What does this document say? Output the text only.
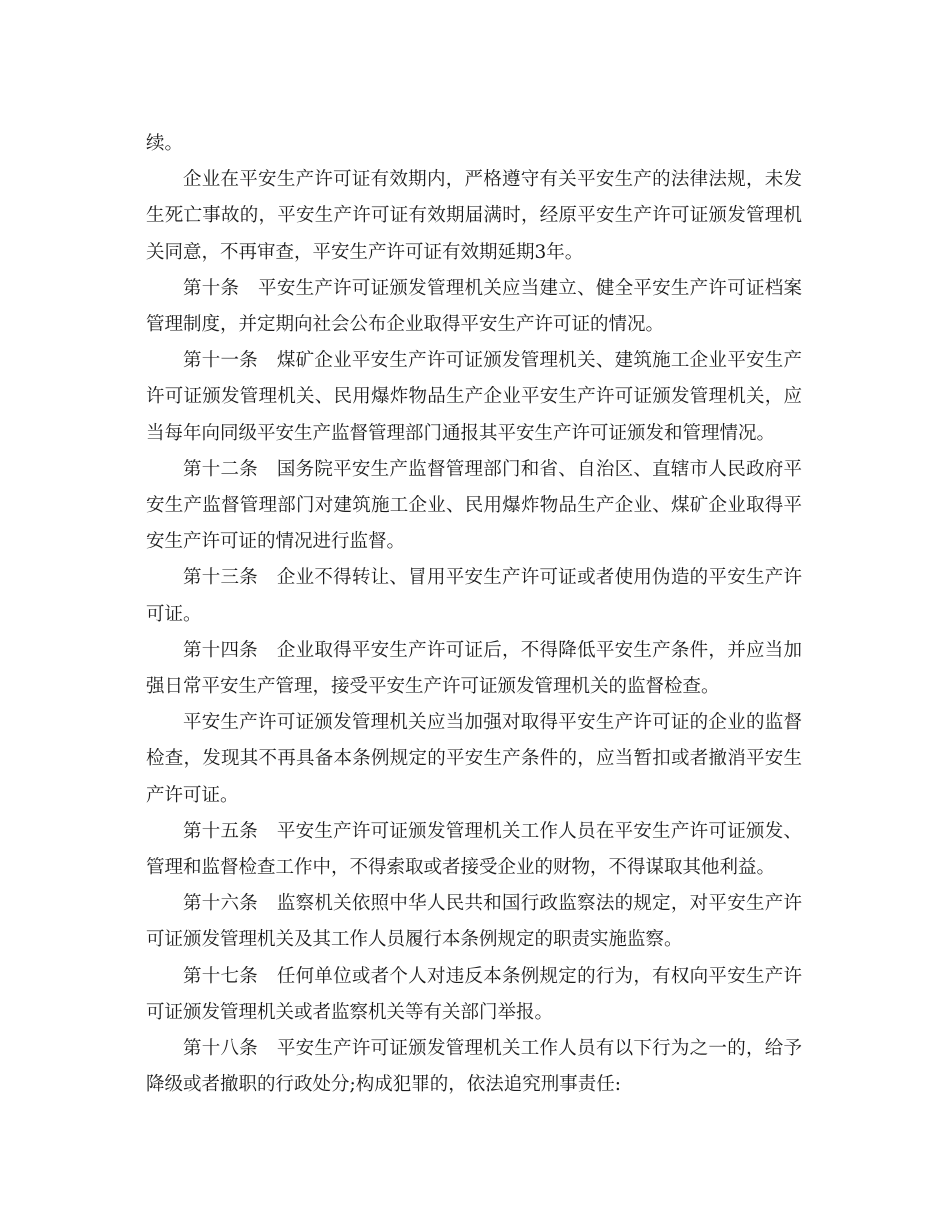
续。

企业在平安生产许可证有效期内，严格遵守有关平安生产的法律法规，未发生死亡事故的，平安生产许可证有效期届满时，经原平安生产许可证颁发管理机关同意，不再审查，平安生产许可证有效期延期3年。

第十条　平安生产许可证颁发管理机关应当建立、健全平安生产许可证档案管理制度，并定期向社会公布企业取得平安生产许可证的情况。

第十一条　煤矿企业平安生产许可证颁发管理机关、建筑施工企业平安生产许可证颁发管理机关、民用爆炸物品生产企业平安生产许可证颁发管理机关，应当每年向同级平安生产监督管理部门通报其平安生产许可证颁发和管理情况。

第十二条　国务院平安生产监督管理部门和省、自治区、直辖市人民政府平安生产监督管理部门对建筑施工企业、民用爆炸物品生产企业、煤矿企业取得平安生产许可证的情况进行监督。

第十三条　企业不得转让、冒用平安生产许可证或者使用伪造的平安生产许可证。

第十四条　企业取得平安生产许可证后，不得降低平安生产条件，并应当加强日常平安生产管理，接受平安生产许可证颁发管理机关的监督检查。

平安生产许可证颁发管理机关应当加强对取得平安生产许可证的企业的监督检查，发现其不再具备本条例规定的平安生产条件的，应当暂扣或者撤消平安生产许可证。

第十五条　平安生产许可证颁发管理机关工作人员在平安生产许可证颁发、管理和监督检查工作中，不得索取或者接受企业的财物，不得谋取其他利益。

第十六条　监察机关依照中华人民共和国行政监察法的规定，对平安生产许可证颁发管理机关及其工作人员履行本条例规定的职责实施监察。

第十七条　任何单位或者个人对违反本条例规定的行为，有权向平安生产许可证颁发管理机关或者监察机关等有关部门举报。

第十八条　平安生产许可证颁发管理机关工作人员有以下行为之一的，给予降级或者撤职的行政处分;构成犯罪的，依法追究刑事责任:
